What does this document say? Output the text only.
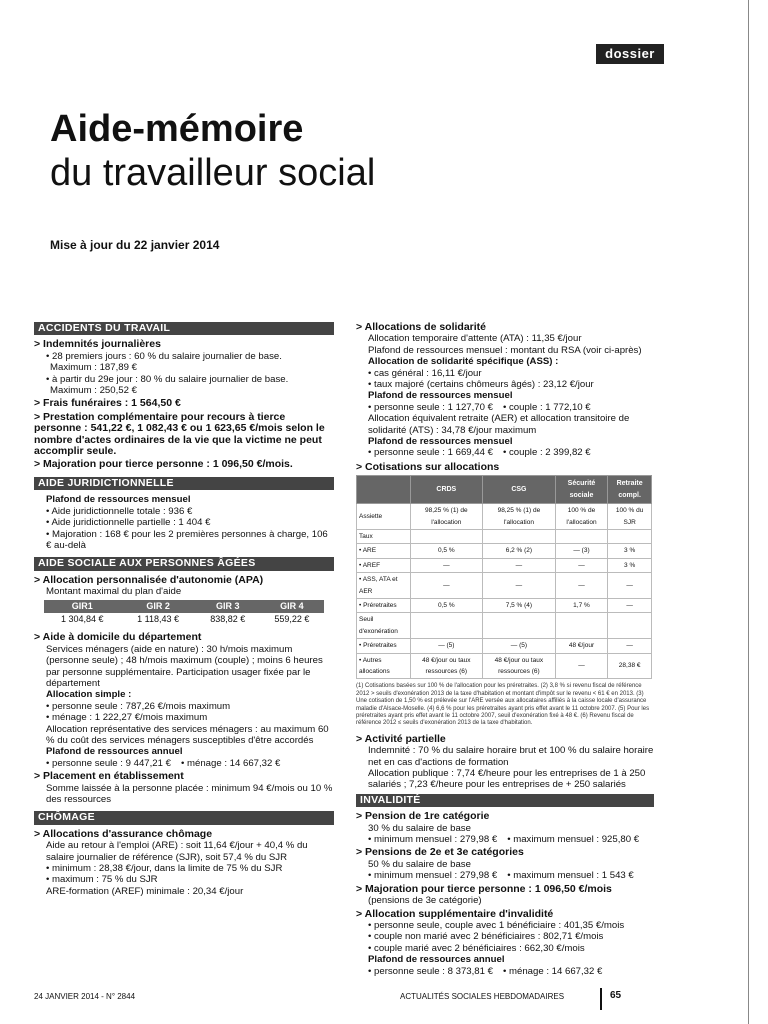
dossier
Aide-mémoire
du travailleur social
Mise à jour du 22 janvier 2014
ACCIDENTS DU TRAVAIL
> Indemnités journalières
• 28 premiers jours : 60 % du salaire journalier de base.
Maximum : 187,89 €
• à partir du 29e jour : 80 % du salaire journalier de base.
Maximum : 250,52 €
> Frais funéraires : 1 564,50 €
> Prestation complémentaire pour recours à tierce personne : 541,22 €, 1 082,43 € ou 1 623,65 €/mois selon le nombre d'actes ordinaires de la vie que la victime ne peut accomplir seule.
> Majoration pour tierce personne : 1 096,50 €/mois.
AIDE JURIDICTIONNELLE
Plafond de ressources mensuel
• Aide juridictionnelle totale : 936 €
• Aide juridictionnelle partielle : 1 404 €
• Majoration : 168 € pour les 2 premières personnes à charge, 106 € au-delà
AIDE SOCIALE AUX PERSONNES ÂGÉES
> Allocation personnalisée d'autonomie (APA)
Montant maximal du plan d'aide
GIR1	GIR 2	GIR 3	GIR 4
1 304,84 €	1 118,43 €	838,82 €	559,22 €
> Aide à domicile du département
Services ménagers (aide en nature) : 30 h/mois maximum (personne seule) ; 48 h/mois maximum (couple) ; moins 6 heures par personne supplémentaire. Participation usager fixée par le département
Allocation simple :
• personne seule : 787,26 €/mois maximum
• ménage : 1 222,27 €/mois maximum
Allocation représentative des services ménagers : au maximum 60 % du coût des services ménagers susceptibles d'être accordés
Plafond de ressources annuel
• personne seule : 9 447,21 € • ménage : 14 667,32 €
> Placement en établissement
Somme laissée à la personne placée : minimum 94 €/mois ou 10 % des ressources
CHÔMAGE
> Allocations d'assurance chômage
Aide au retour à l'emploi (ARE) : soit 11,64 €/jour + 40,4 % du salaire journalier de référence (SJR), soit 57,4 % du SJR
• minimum : 28,38 €/jour, dans la limite de 75 % du SJR
• maximum : 75 % du SJR
ARE-formation (AREF) minimale : 20,34 €/jour
> Allocations de solidarité
Allocation temporaire d'attente (ATA) : 11,35 €/jour
Plafond de ressources mensuel : montant du RSA (voir ci-après)
Allocation de solidarité spécifique (ASS) :
• cas général : 16,11 €/jour
• taux majoré (certains chômeurs âgés) : 23,12 €/jour
Plafond de ressources mensuel
• personne seule : 1 127,70 € • couple : 1 772,10 €
Allocation équivalent retraite (AER) et allocation transitoire de solidarité (ATS) : 34,78 €/jour maximum
Plafond de ressources mensuel
• personne seule : 1 669,44 € • couple : 2 399,82 €
> Cotisations sur allocations
	CRDS	CSG	Sécurité sociale	Retraite compl.
Assiette	98,25 % (1) de l'allocation	98,25 % (1) de l'allocation	100 % de l'allocation	100 % du SJR
Taux				
• ARE	0,5 %	6,2 % (2)	— (3)	3 %
• AREF	—	—	—	3 %
• ASS, ATA et AER	—	—	—	—
• Préretraites	0,5 %	7,5 % (4)	1,7 %	—
Seuil d'exonération				
• Préretraites	— (5)	— (5)	48 €/jour	—
• Autres allocations	48 €/jour ou taux ressources (6)	48 €/jour ou taux ressources (6)	—	28,38 €
(1) Cotisations basées sur 100 % de l'allocation pour les préretraites. (2) 3,8 % si revenu fiscal de référence 2012 > seuils d'exonération 2013 de la taxe d'habitation et montant d'impôt sur le revenu < 61 € en 2013. (3) Une cotisation de 1,50 % est prélevée sur l'ARE versée aux allocataires affiliés à la caisse locale d'assurance maladie d'Alsace-Moselle. (4) 6,6 % pour les préretraites ayant pris effet avant le 11 octobre 2007. (5) Pour les préretraites ayant pris effet avant le 11 octobre 2007, seuil d'exonération fixé à 48 €. (6) Revenu fiscal de référence 2012 ≤ seuils d'exonération 2013 de la taxe d'habitation.
> Activité partielle
Indemnité : 70 % du salaire horaire brut et 100 % du salaire horaire net en cas d'actions de formation
Allocation publique : 7,74 €/heure pour les entreprises de 1 à 250 salariés ; 7,23 €/heure pour les entreprises de + 250 salariés
INVALIDITÉ
> Pension de 1re catégorie
30 % du salaire de base
• minimum mensuel : 279,98 € • maximum mensuel : 925,80 €
> Pensions de 2e et 3e catégories
50 % du salaire de base
• minimum mensuel : 279,98 € • maximum mensuel : 1 543 €
> Majoration pour tierce personne : 1 096,50 €/mois
(pensions de 3e catégorie)
> Allocation supplémentaire d'invalidité
• personne seule, couple avec 1 bénéficiaire : 401,35 €/mois
• couple non marié avec 2 bénéficiaires : 802,71 €/mois
• couple marié avec 2 bénéficiaires : 662,30 €/mois
Plafond de ressources annuel
• personne seule : 8 373,81 € • ménage : 14 667,32 €
24 JANVIER 2014 - N° 2844	ACTUALITÉS SOCIALES HEBDOMADAIRES	65
